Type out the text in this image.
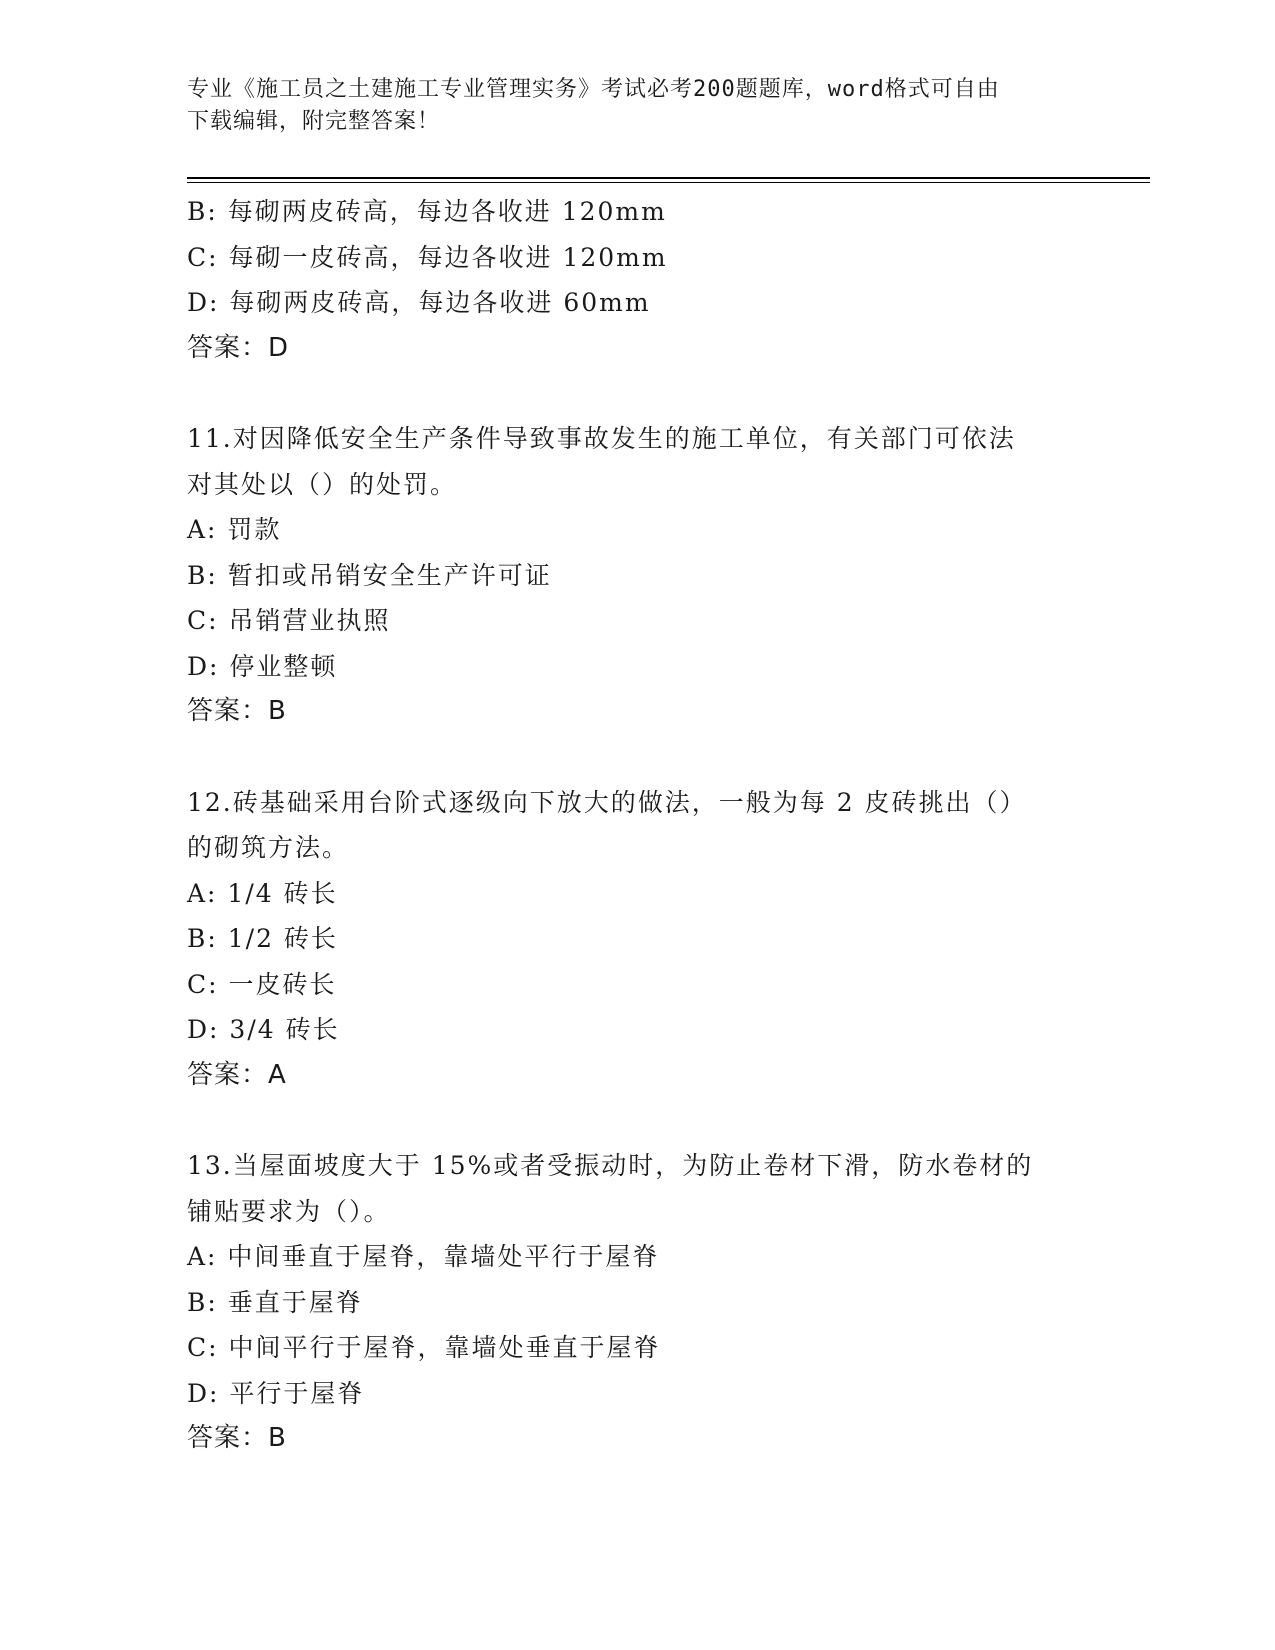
专业《施工员之土建施工专业管理实务》考试必考200题题库，word格式可自由
下载编辑，附完整答案！
B: 每砌两皮砖高，每边各收进 120mm
C: 每砌一皮砖高，每边各收进 120mm
D: 每砌两皮砖高，每边各收进 60mm
答案：D
11.对因降低安全生产条件导致事故发生的施工单位，有关部门可依法
对其处以（）的处罚。
A: 罚款
B: 暂扣或吊销安全生产许可证
C: 吊销营业执照
D: 停业整顿
答案：B
12.砖基础采用台阶式逐级向下放大的做法，一般为每 2 皮砖挑出（）
的砌筑方法。
A: 1/4 砖长
B: 1/2 砖长
C: 一皮砖长
D: 3/4 砖长
答案：A
13.当屋面坡度大于 15%或者受振动时，为防止卷材下滑，防水卷材的
铺贴要求为（）。
A: 中间垂直于屋脊，靠墙处平行于屋脊
B: 垂直于屋脊
C: 中间平行于屋脊，靠墙处垂直于屋脊
D: 平行于屋脊
答案：B
